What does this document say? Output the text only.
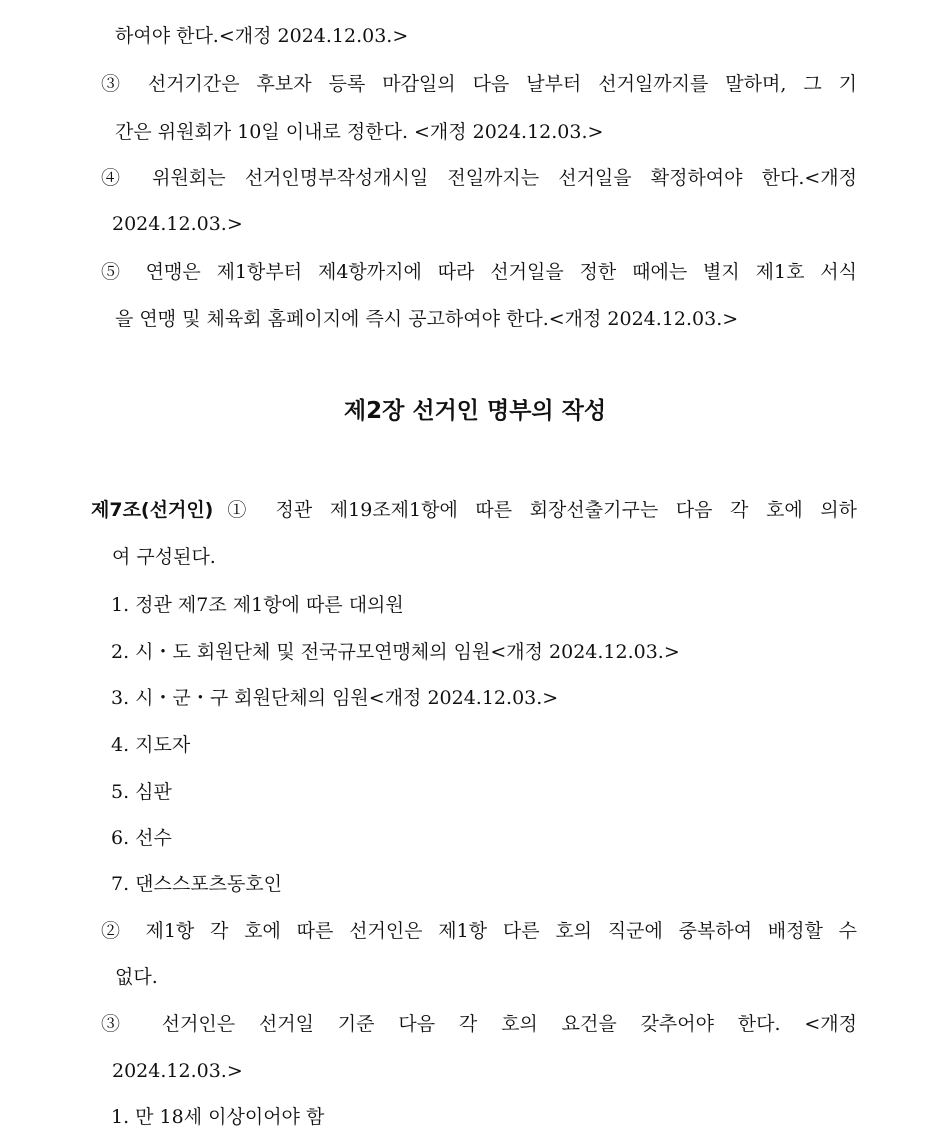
하여야 한다.<개정 2024.12.03.>
③ 선거기간은 후보자 등록 마감일의 다음 날부터 선거일까지를 말하며, 그 기
간은 위원회가 10일 이내로 정한다. <개정 2024.12.03.>
④ 위원회는 선거인명부작성개시일 전일까지는 선거일을 확정하여야 한다.<개정
2024.12.03.>
⑤ 연맹은 제1항부터 제4항까지에 따라 선거일을 정한 때에는 별지 제1호 서식
을 연맹 및 체육회 홈페이지에 즉시 공고하여야 한다.<개정 2024.12.03.>
제2장 선거인 명부의 작성
제7조(선거인) ① 정관 제19조제1항에 따른 회장선출기구는 다음 각 호에 의하
여 구성된다.
1. 정관 제7조 제1항에 따른 대의원
2. 시・도 회원단체 및 전국규모연맹체의 임원<개정 2024.12.03.>
3. 시・군・구 회원단체의 임원<개정 2024.12.03.>
4. 지도자
5. 심판
6. 선수
7. 댄스스포츠동호인
② 제1항 각 호에 따른 선거인은 제1항 다른 호의 직군에 중복하여 배정할 수
없다.
③ 선거인은 선거일 기준 다음 각 호의 요건을 갖추어야 한다. <개정
2024.12.03.>
1. 만 18세 이상이어야 함
